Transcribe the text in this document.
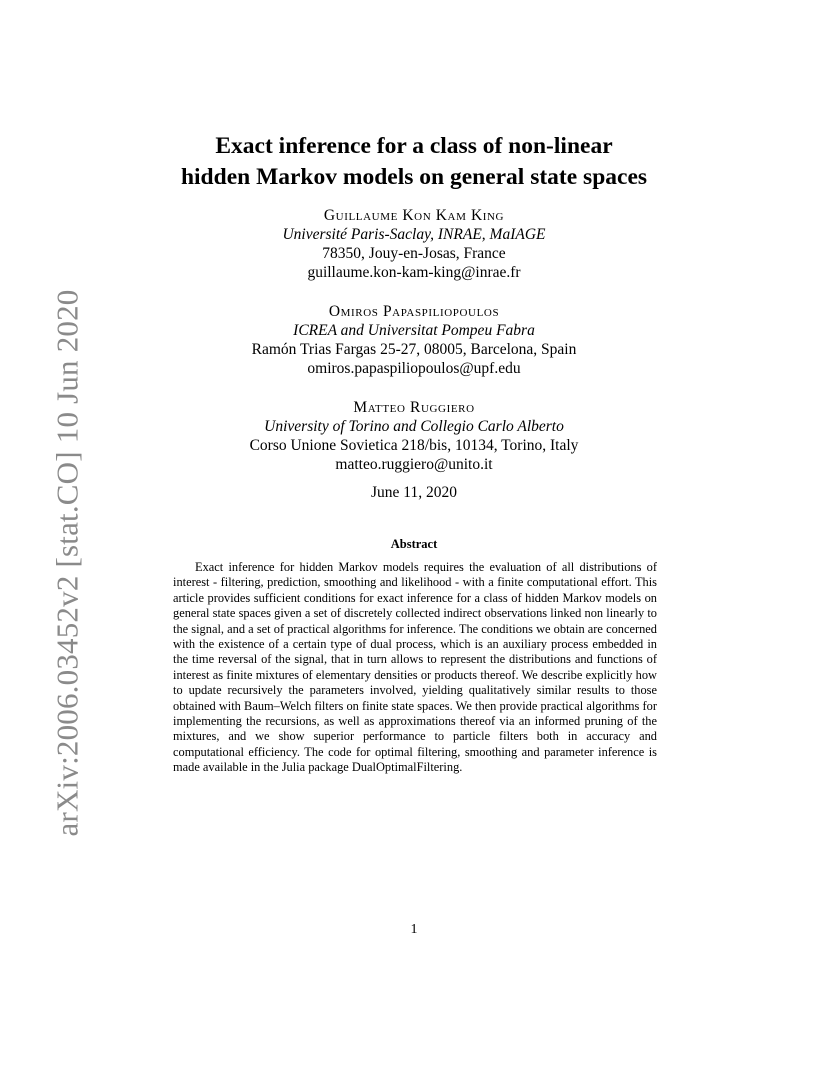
arXiv:2006.03452v2 [stat.CO] 10 Jun 2020
Exact inference for a class of non-linear
hidden Markov models on general state spaces
Guillaume Kon Kam King
Université Paris-Saclay, INRAE, MaIAGE
78350, Jouy-en-Josas, France
guillaume.kon-kam-king@inrae.fr
Omiros Papaspiliopoulos
ICREA and Universitat Pompeu Fabra
Ramón Trias Fargas 25-27, 08005, Barcelona, Spain
omiros.papaspiliopoulos@upf.edu
Matteo Ruggiero
University of Torino and Collegio Carlo Alberto
Corso Unione Sovietica 218/bis, 10134, Torino, Italy
matteo.ruggiero@unito.it
June 11, 2020
Abstract
Exact inference for hidden Markov models requires the evaluation of all distributions of interest - filtering, prediction, smoothing and likelihood - with a finite computational effort. This article provides sufficient conditions for exact inference for a class of hidden Markov models on general state spaces given a set of discretely collected indirect observations linked non linearly to the signal, and a set of practical algorithms for inference. The conditions we obtain are concerned with the existence of a certain type of dual process, which is an auxiliary process embedded in the time reversal of the signal, that in turn allows to represent the distributions and functions of interest as finite mixtures of elementary densities or products thereof. We describe explicitly how to update recursively the parameters involved, yielding qualitatively similar results to those obtained with Baum–Welch filters on finite state spaces. We then provide practical algorithms for implementing the recursions, as well as approximations thereof via an informed pruning of the mixtures, and we show superior performance to particle filters both in accuracy and computational efficiency. The code for optimal filtering, smoothing and parameter inference is made available in the Julia package DualOptimalFiltering.
1
